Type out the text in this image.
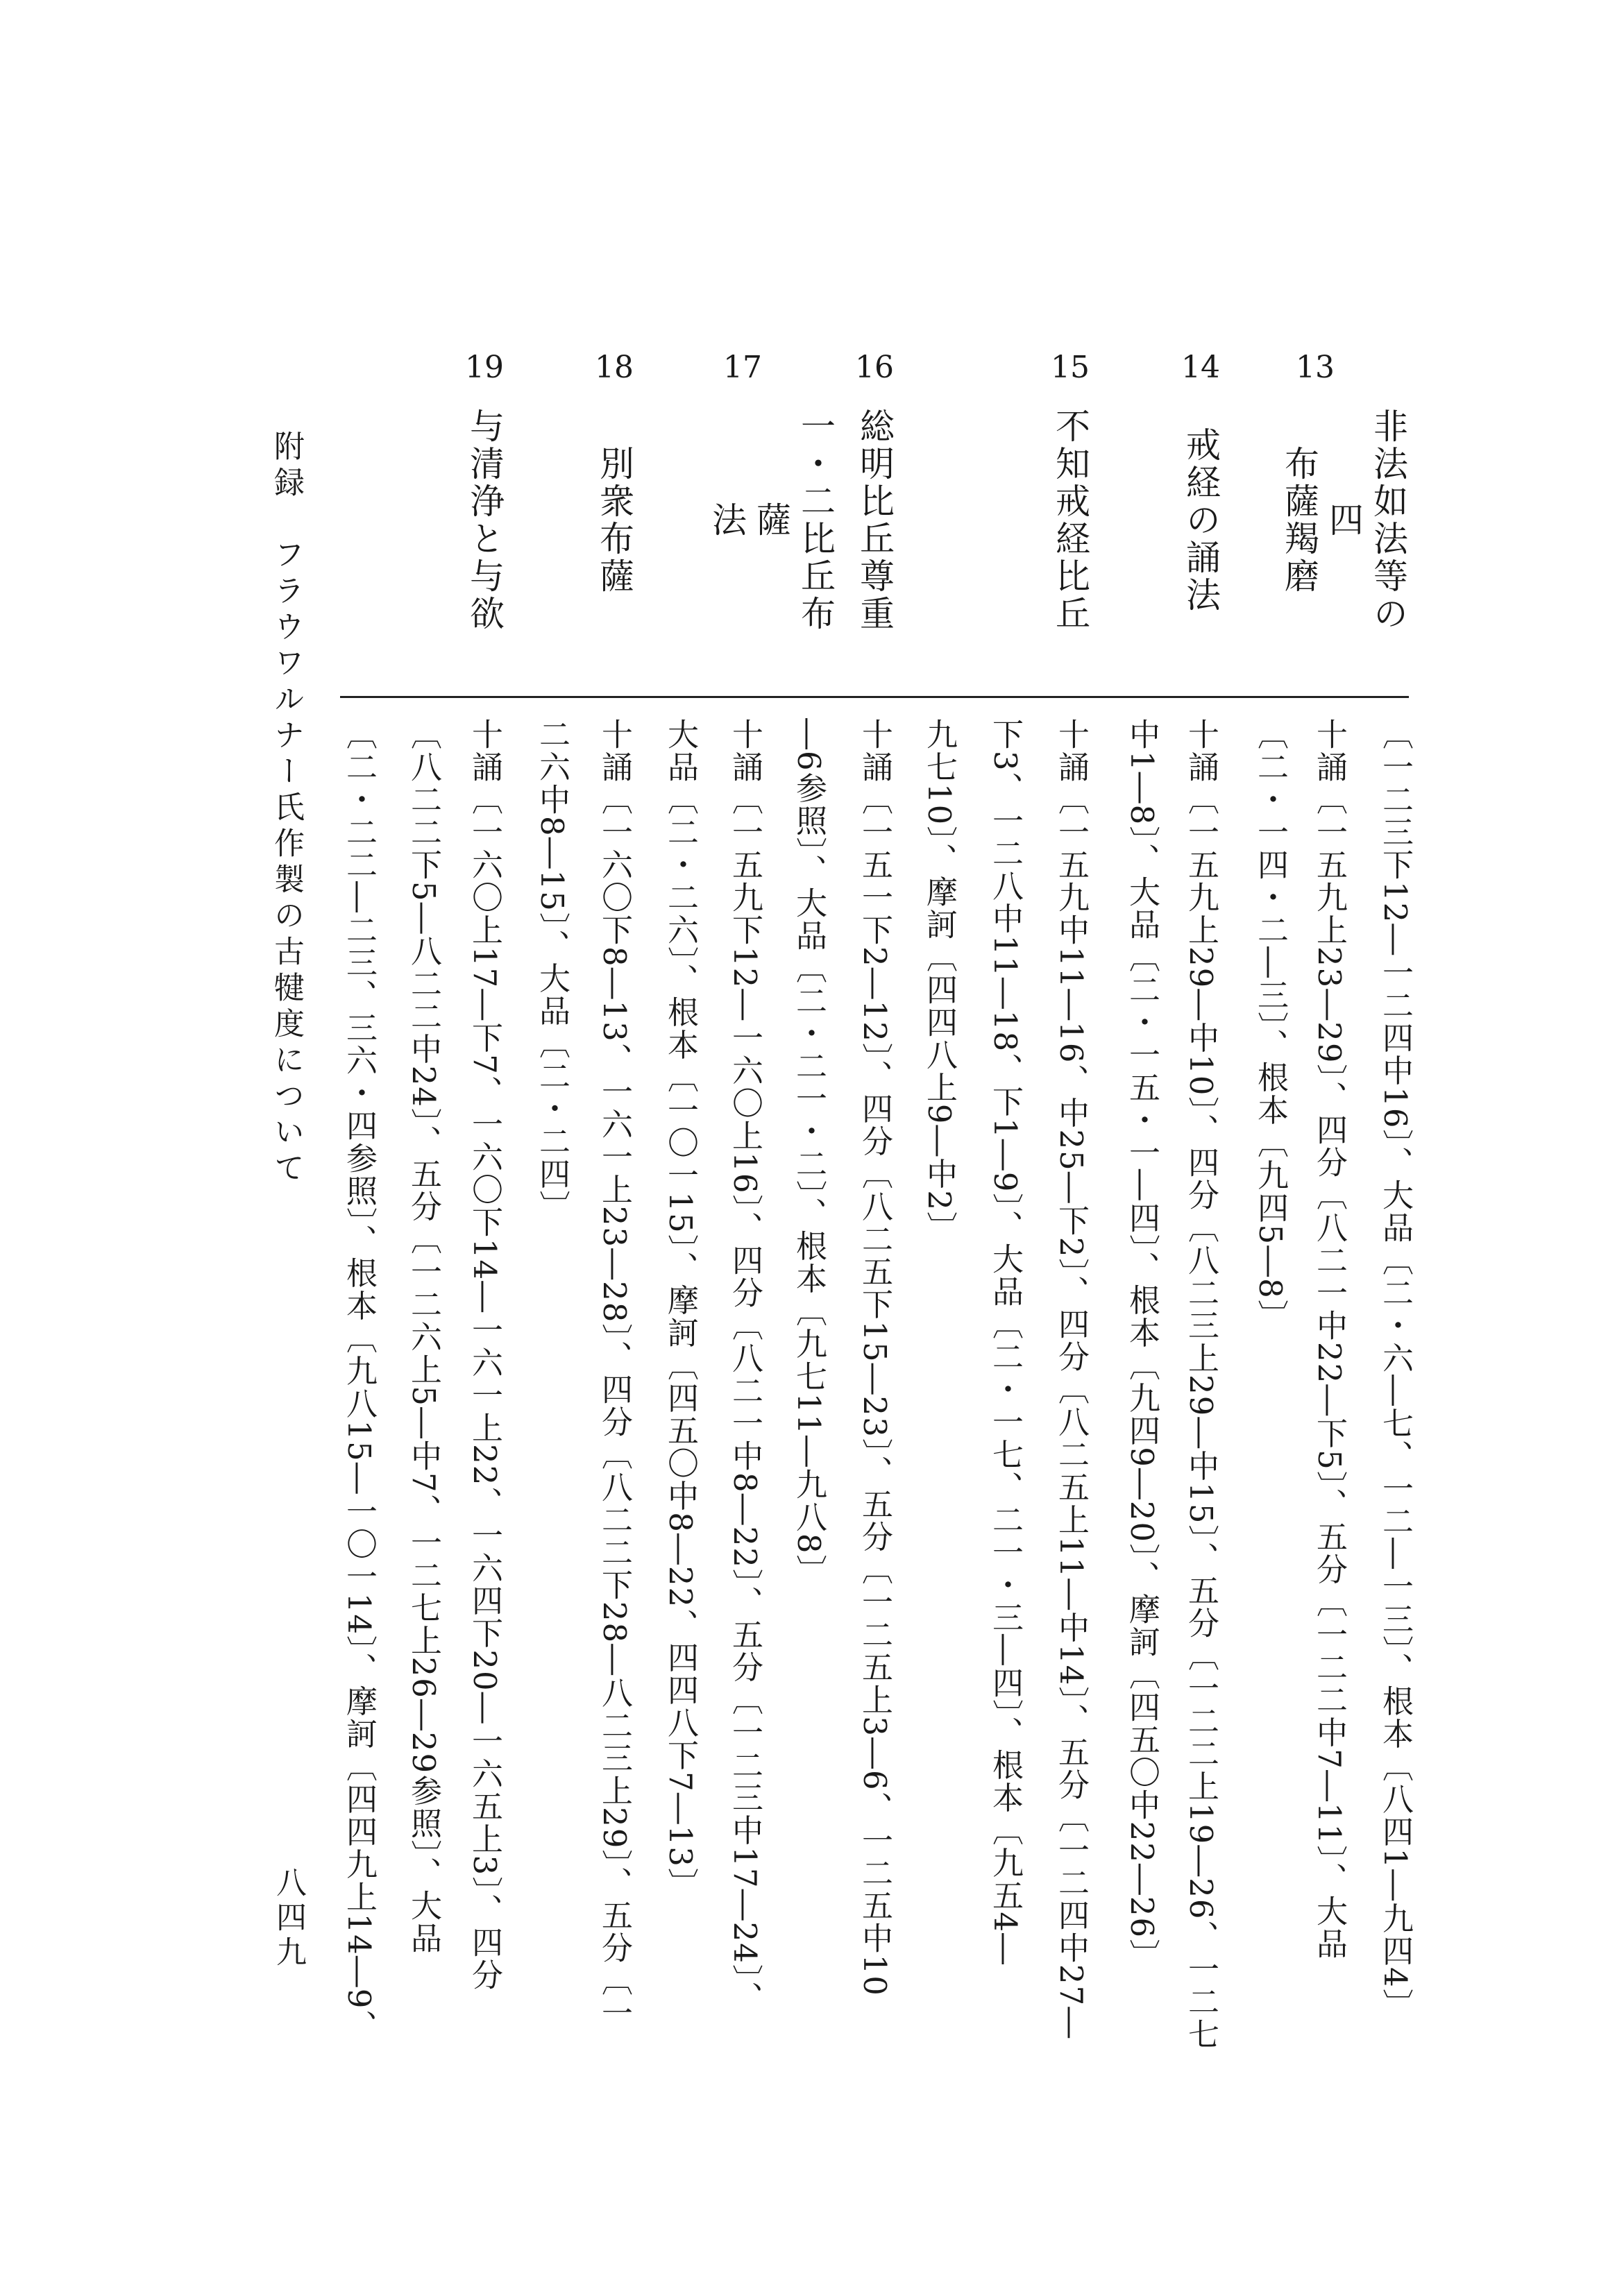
13
非法如法等の四
布薩羯磨
14
戒経の誦法
15
不知戒経比丘
16
総明比丘尊重
17
一・二比丘布薩
法
18
別衆布薩
19
与清浄と与欲
〔一二三下12―一二四中16〕、大品〔二・六―七、一二―一三〕、根本〔八四1―九四4〕
十誦〔一五九上23―29〕、四分〔八二一中22―下5〕、五分〔一二二中7―11〕、大品
〔二・一四・二―三〕、根本〔九四5―8〕
十誦〔一五九上29―中10〕、四分〔八二三上29―中15〕、五分〔一二二上19―26、一二七
中1―8〕、大品〔二・一五・一―四〕、根本〔九四9―20〕、摩訶〔四五〇中22―26〕
十誦〔一五九中11―16、中25―下2〕、四分〔八二五上11―中14〕、五分〔一二四中27―
下3、一二八中11―18、下1―9〕、大品〔二・一七、二一・三―四〕、根本〔九五4―
九七10〕、摩訶〔四四八上9―中2〕
十誦〔一五一下2―12〕、四分〔八二五下15―23〕、五分〔一二五上3―6、一二五中10
―6参照〕、大品〔二・二一・二〕、根本〔九七11―九八8〕
十誦〔一五九下12―一六〇上16〕、四分〔八二一中8―22〕、五分〔一二三中17―24〕、
大品〔二・二六〕、根本〔一〇一15〕、摩訶〔四五〇中8―22、四四八下7―13〕
十誦〔一六〇下8―13、一六一上23―28〕、四分〔八二二下28―八二三上29〕、五分〔一
二六中8―15〕、大品〔二・二四〕
十誦〔一六〇上17―下7、一六〇下14―一六一上22、一六四下20―一六五上3〕、四分
〔八二二下5―八二二中24〕、五分〔一二六上5―中7、一二七上26―29参照〕、大品
〔二・二二―二三、三六・四参照〕、根本〔九八15―一〇一14〕、摩訶〔四四九上14―9、
附録　フラウワルナー氏作製の古犍度について
八四九
